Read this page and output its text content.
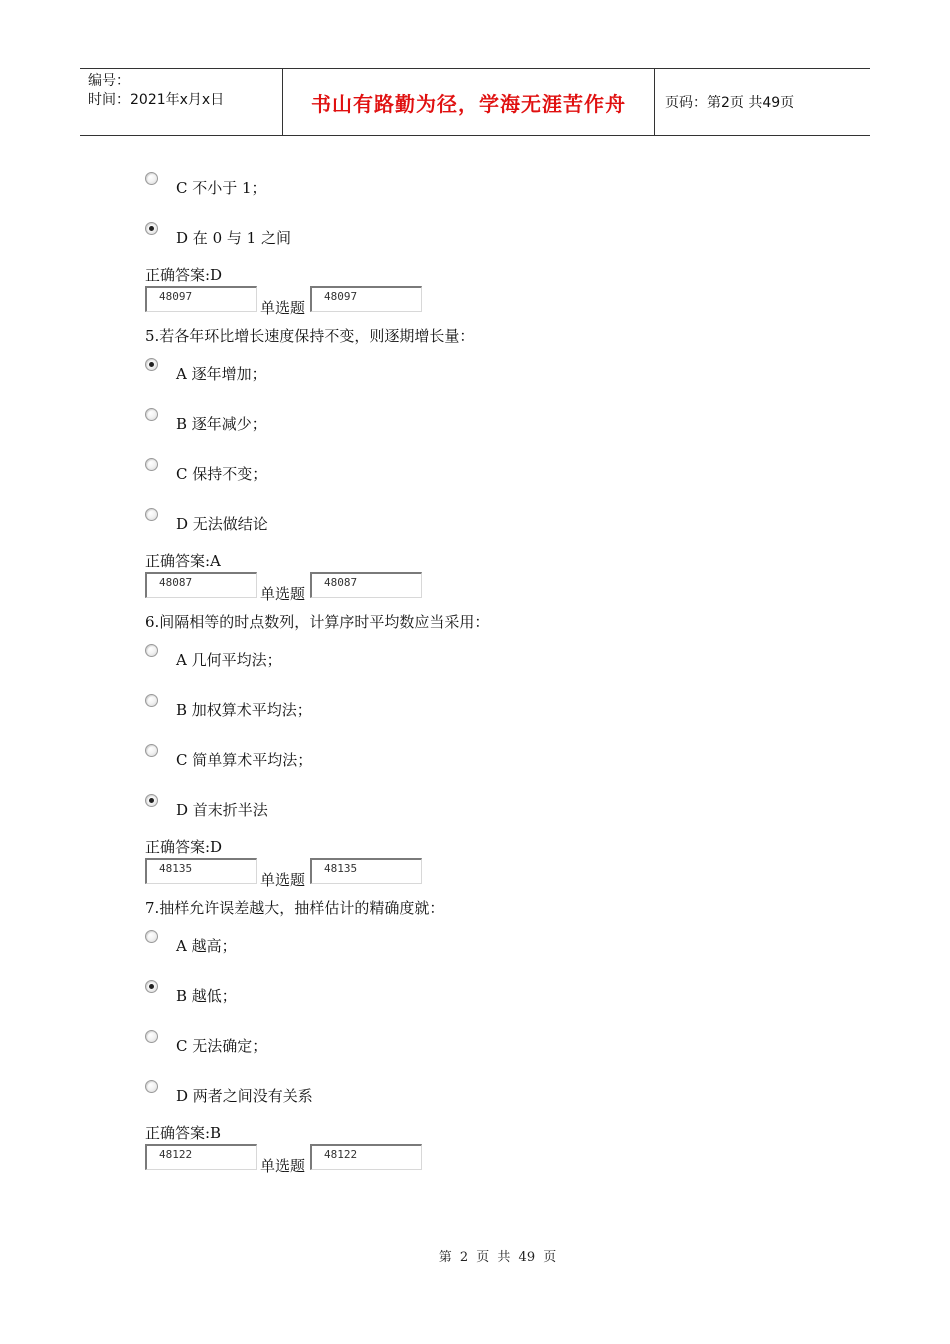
编号：
时间：2021年x月x日	书山有路勤为径，学海无涯苦作舟	页码：第2页 共49页
C 不小于 1；
D 在 0 与 1 之间
正确答案:D
48097
单选题
48097
5.若各年环比增长速度保持不变，则逐期增长量：
A 逐年增加；
B 逐年减少；
C 保持不变；
D 无法做结论
正确答案:A
48087
单选题
48087
6.间隔相等的时点数列，计算序时平均数应当采用：
A 几何平均法；
B 加权算术平均法；
C 简单算术平均法；
D 首末折半法
正确答案:D
48135
单选题
48135
7.抽样允许误差越大，抽样估计的精确度就：
A 越高；
B 越低；
C 无法确定；
D 两者之间没有关系
正确答案:B
48122
单选题
48122
第 2 页 共 49 页
